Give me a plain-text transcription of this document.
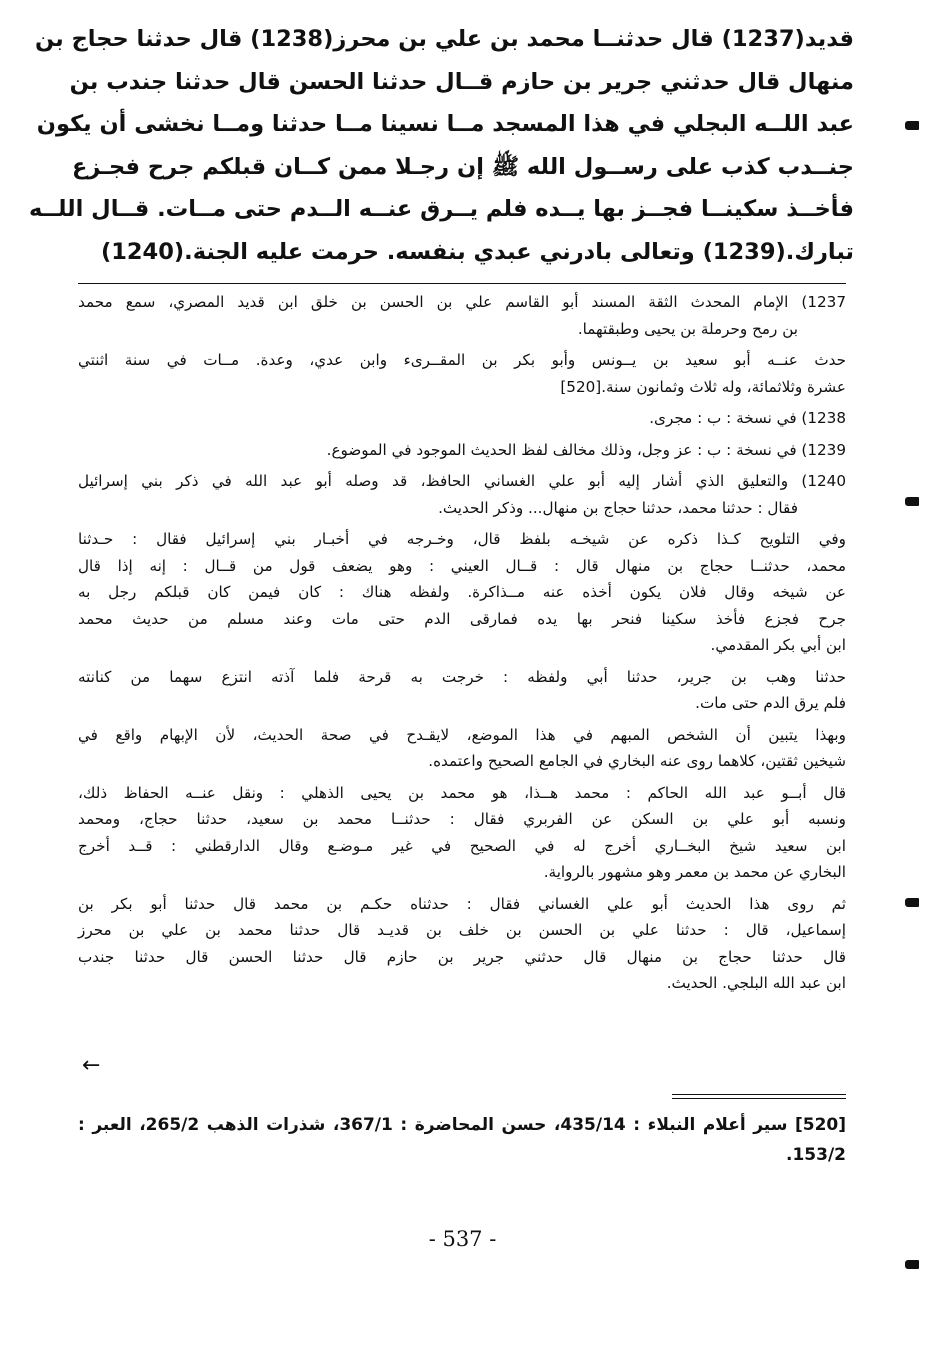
قديد(1237) قال حدثنــا محمد بن علي بن محرز(1238) قال حدثنا حجاج بن
منهال قال حدثني جرير بن حازم قــال حدثنا الحسن قال حدثنا جندب بن
عبد اللــه البجلي في هذا المسجد مــا نسينا مــا حدثنا ومــا نخشى أن يكون
جنــدب كذب على رســول الله ﷺ إن رجـلا ممن كــان قبلكم جرح فجـزع
فأخــذ سكينــا فجــز بها يــده فلم يــرق عنــه الــدم حتى مــات. قــال اللــه
تبارك.(1239) وتعالى بادرني عبدي بنفسه. حرمت عليه الجنة.(1240)
1237) الإمام المحدث الثقة المسند أبو القاسم علي بن الحسن بن خلق ابن قديد المصري، سمع محمد
بن رمح وحرملة بن يحيى وطبقتهما.
حدث عنــه أبو سعيد بن يــونس وأبو بكر بن المقــرىء وابن عدي، وعدة. مــات في سنة اثنتي
عشرة وثلاثمائة، وله ثلاث وثمانون سنة.[520]
1238) في نسخة : ب : مجرى.
1239) في نسخة : ب : عز وجل، وذلك مخالف لفظ الحديث الموجود في الموضوع.
1240) والتعليق الذي أشار إليه أبو علي الغساني الحافظ، قد وصله أبو عبد الله في ذكر بني إسرائيل
فقال : حدثنا محمد، حدثنا حجاج بن منهال... وذكر الحديث.
وفي التلويح كـذا ذكره عن شيخـه بلفظ قال، وخـرجه في أخبـار بني إسرائيل فقال : حـدثنا
محمد، حدثنــا حجاج بن منهال قال : قــال العيني : وهو يضعف قول من قــال : إنه إذا قال
عن شيخه وقال فلان يكون أخذه عنه مــذاكرة. ولفظه هناك : كان فيمن كان قبلكم رجل به
جرح فجزع فأخذ سكينا فنحر بها يده فمارقى الدم حتى مات وعند مسلم من حديث محمد
ابن أبي بكر المقدمي.
حدثنا وهب بن جرير، حدثنا أبي ولفظه : خرجت به قرحة فلما آذته انتزع سهما من كنانته
فلم يرق الدم حتى مات.
وبهذا يتبين أن الشخص المبهم في هذا الموضع، لايقـدح في صحة الحديث، لأن الإبهام واقع في
شيخين ثقتين، كلاهما روى عنه البخاري في الجامع الصحيح واعتمده.
قال أبــو عبد الله الحاكم : محمد هــذا، هو محمد بن يحيى الذهلي : ونقل عنــه الحفاظ ذلك،
ونسبه أبو علي بن السكن عن الفربري فقال : حدثنــا محمد بن سعيد، حدثنا حجاج، ومحمد
ابن سعيد شيخ البخــاري أخرج له في الصحيح في غير مـوضـع وقال الدارقطني : قــد أخرج
البخاري عن محمد بن معمر وهو مشهور بالرواية.
ثم روى هذا الحديث أبو علي الغساني فقال : حدثناه حكـم بن محمد قال حدثنا أبو بكر بن
إسماعيل، قال : حدثنا علي بن الحسن بن خلف بن قديـد قال حدثنا محمد بن علي بن محرز
قال حدثنا حجاج بن منهال قال حدثني جرير بن حازم قال حدثنا الحسن قال حدثنا جندب
ابن عبد الله البلجي. الحديث.
←
[520] سير أعلام النبلاء : 435/14، حسن المحاضرة : 367/1، شذرات الذهب 265/2، العبر :
153/2.
- 537 -
